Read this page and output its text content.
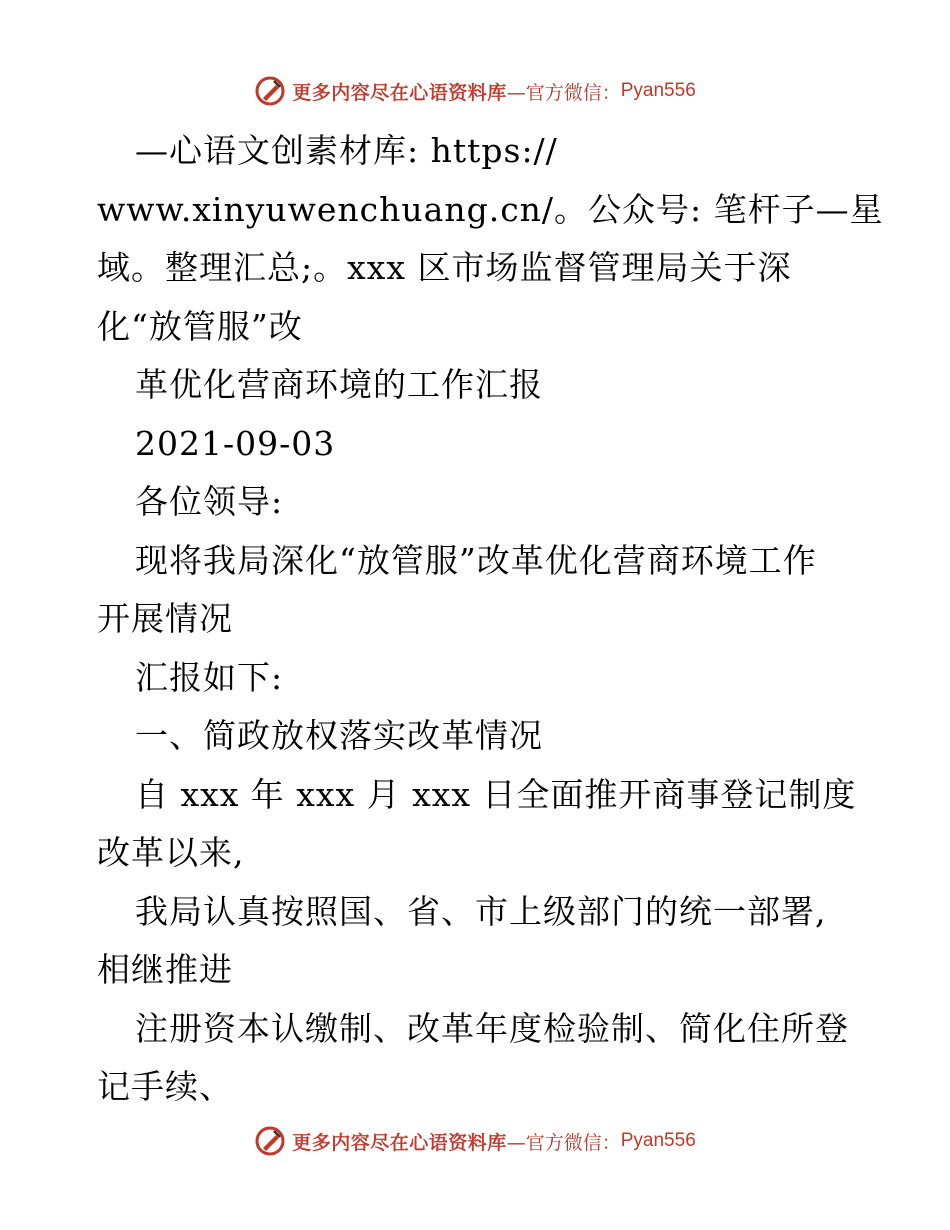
更多内容尽在心语资料库 —官方微信： Pyan556
—心语文创素材库: https://
www.xinyuwenchuang.cn/。公众号: 笔杆子—星
域。整理汇总;。xxx 区市场监督管理局关于深
化“放管服”改
革优化营商环境的工作汇报
2021-09-03
各位领导:
现将我局深化“放管服”改革优化营商环境工作
开展情况
汇报如下:
一、简政放权落实改革情况
自 xxx 年 xxx 月 xxx 日全面推开商事登记制度
改革以来,
我局认真按照国、省、市上级部门的统一部署,
相继推进
注册资本认缴制、改革年度检验制、简化住所登
记手续、
更多内容尽在心语资料库 —官方微信： Pyan556
